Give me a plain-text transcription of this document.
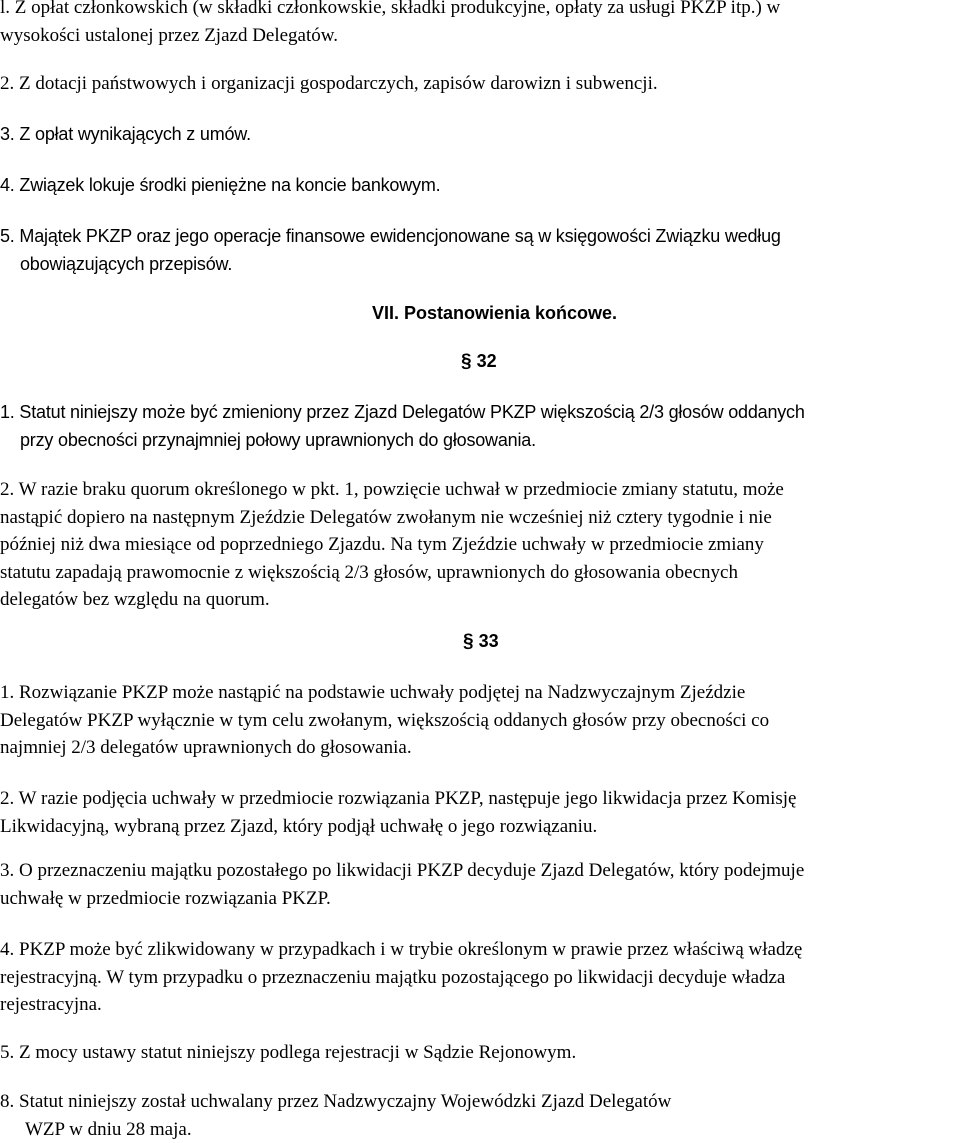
l. Z opłat członkowskich (w składki członkowskie, składki produkcyjne, opłaty za usługi PKZP itp.) w
wysokości ustalonej przez Zjazd Delegatów.
2. Z dotacji państwowych i organizacji gospodarczych, zapisów darowizn i subwencji.
3. Z opłat wynikających z umów.
4. Związek lokuje środki pieniężne na koncie bankowym.
5. Majątek PKZP oraz jego operacje finansowe ewidencjonowane są w księgowości Związku według
obowiązujących przepisów.
VII. Postanowienia końcowe.
§ 32
1. Statut niniejszy może być zmieniony przez Zjazd Delegatów PKZP większością 2/3 głosów oddanych
przy obecności przynajmniej połowy uprawnionych do głosowania.
2. W razie braku quorum określonego w pkt. 1, powzięcie uchwał w przedmiocie zmiany statutu, może
nastąpić dopiero na następnym Zjeździe Delegatów zwołanym nie wcześniej niż cztery tygodnie i nie
później niż dwa miesiące od poprzedniego Zjazdu. Na tym Zjeździe uchwały w przedmiocie zmiany
statutu zapadają prawomocnie z większością 2/3 głosów, uprawnionych do głosowania obecnych
delegatów bez względu na quorum.
§ 33
1. Rozwiązanie PKZP może nastąpić na podstawie uchwały podjętej na Nadzwyczajnym Zjeździe
Delegatów PKZP wyłącznie w tym celu zwołanym, większością oddanych głosów przy obecności co
najmniej 2/3 delegatów uprawnionych do głosowania.
2. W razie podjęcia uchwały w przedmiocie rozwiązania PKZP, następuje jego likwidacja przez Komisję
Likwidacyjną, wybraną przez Zjazd, który podjął uchwałę o jego rozwiązaniu.
3. O przeznaczeniu majątku pozostałego po likwidacji PKZP decyduje Zjazd Delegatów, który podejmuje
uchwałę w przedmiocie rozwiązania PKZP.
4. PKZP może być zlikwidowany w przypadkach i w trybie określonym w prawie przez właściwą władzę
rejestracyjną. W tym przypadku o przeznaczeniu majątku pozostającego po likwidacji decyduje władza
rejestracyjna.
5. Z mocy ustawy statut niniejszy podlega rejestracji w Sądzie Rejonowym.
8. Statut niniejszy został uchwalany przez Nadzwyczajny Wojewódzki Zjazd Delegatów
WZP w dniu 28 maja.
